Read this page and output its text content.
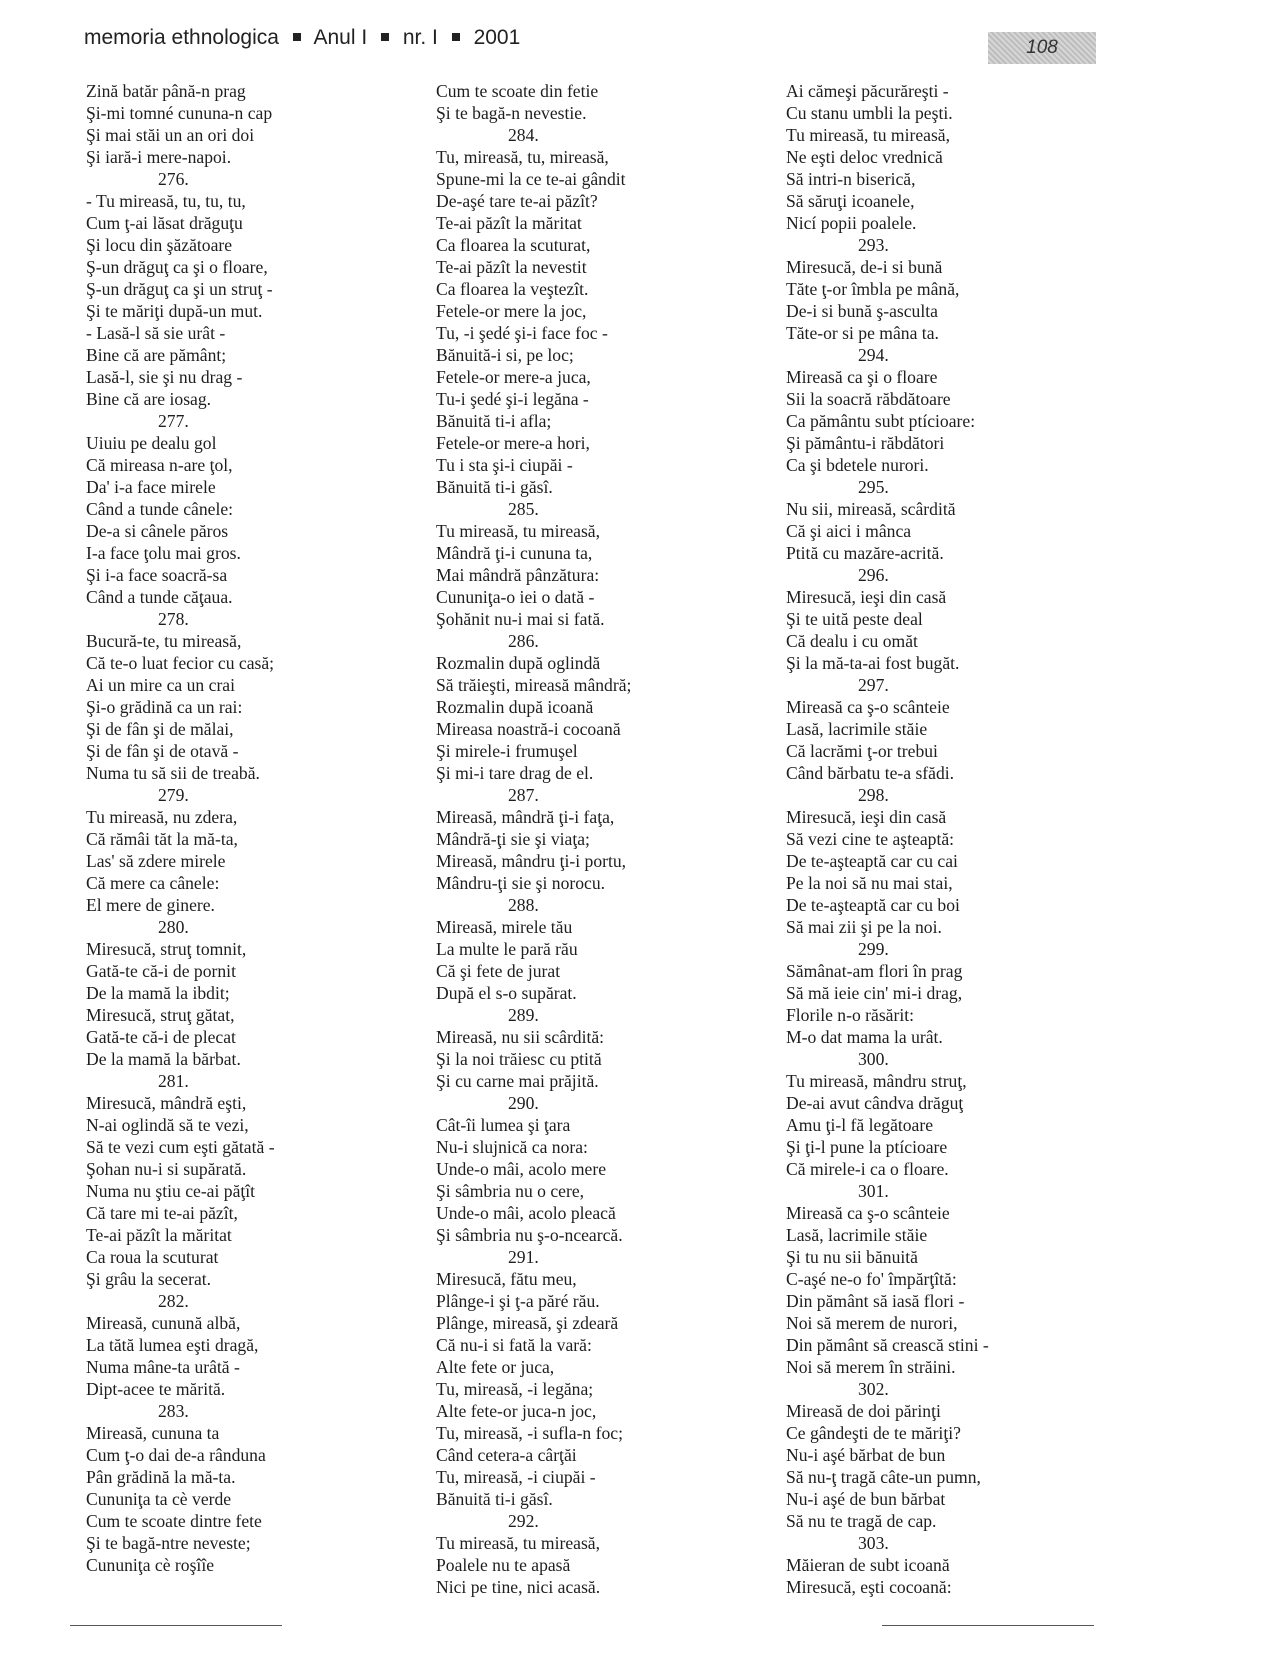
memoria ethnologica Anul I nr. I 2001	108
Zină batăr până-n prag
Şi-mi tomné cununa-n cap
Şi mai stăi un an ori doi
Şi iară-i mere-napoi.
276.
- Tu mireasă, tu, tu, tu,
Cum ţ-ai lăsat drăguţu
Şi locu din şăzătoare
Ş-un drăguţ ca şi o floare,
Ş-un drăguţ ca şi un struţ -
Şi te măriţi după-un mut.
- Lasă-l să sie urât -
Bine că are pământ;
Lasă-l, sie şi nu drag -
Bine că are iosag.
277.
Uiuiu pe dealu gol
Că mireasa n-are ţol,
Da' i-a face mirele
Când a tunde cânele:
De-a si cânele păros
I-a face ţolu mai gros.
Şi i-a face soacră-sa
Când a tunde căţaua.
278.
Bucură-te, tu mireasă,
Că te-o luat fecior cu casă;
Ai un mire ca un crai
Şi-o grădină ca un rai:
Şi de fân şi de mălai,
Şi de fân şi de otavă -
Numa tu să sii de treabă.
279.
Tu mireasă, nu zdera,
Că rămâi tăt la mă-ta,
Las' să zdere mirele
Că mere ca cânele:
El mere de ginere.
280.
Miresucă, struţ tomnit,
Gată-te că-i de pornit
De la mamă la ibdit;
Miresucă, struţ gătat,
Gată-te că-i de plecat
De la mamă la bărbat.
281.
Miresucă, mândră eşti,
N-ai oglindă să te vezi,
Să te vezi cum eşti gătată -
Şohan nu-i si supărată.
Numa nu ştiu ce-ai păţît
Că tare mi te-ai păzît,
Te-ai păzît la măritat
Ca roua la scuturat
Şi grâu la secerat.
282.
Mireasă, cunună albă,
La tătă lumea eşti dragă,
Numa mâne-ta urâtă -
Dipt-acee te mărită.
283.
Mireasă, cununa ta
Cum ţ-o dai de-a rânduna
Pân grădină la mă-ta.
Cununiţa ta cè verde
Cum te scoate dintre fete
Şi te bagă-ntre neveste;
Cununiţa cè roşîîe
Cum te scoate din fetie
Şi te bagă-n nevestie.
284.
Tu, mireasă, tu, mireasă,
Spune-mi la ce te-ai gândit
De-aşé tare te-ai păzît?
Te-ai păzît la măritat
Ca floarea la scuturat,
Te-ai păzît la nevestit
Ca floarea la veştezît.
Fetele-or mere la joc,
Tu, -i şedé şi-i face foc -
Bănuită-i si, pe loc;
Fetele-or mere-a juca,
Tu-i şedé şi-i legăna -
Bănuită ti-i afla;
Fetele-or mere-a hori,
Tu i sta şi-i ciupăi -
Bănuită ti-i găsî.
285.
Tu mireasă, tu mireasă,
Mândră ţi-i cununa ta,
Mai mândră pânzătura:
Cununiţa-o iei o dată -
Şohănit nu-i mai si fată.
286.
Rozmalin după oglindă
Să trăieşti, mireasă mândră;
Rozmalin după icoană
Mireasa noastră-i cocoană
Şi mirele-i frumuşel
Şi mi-i tare drag de el.
287.
Mireasă, mândră ţi-i faţa,
Mândră-ţi sie şi viaţa;
Mireasă, mândru ţi-i portu,
Mândru-ţi sie şi norocu.
288.
Mireasă, mirele tău
La multe le pară rău
Că şi fete de jurat
După el s-o supărat.
289.
Mireasă, nu sii scârdită:
Şi la noi trăiesc cu ptită
Şi cu carne mai prăjită.
290.
Cât-îi lumea şi ţara
Nu-i slujnică ca nora:
Unde-o mâi, acolo mere
Şi sâmbria nu o cere,
Unde-o mâi, acolo pleacă
Şi sâmbria nu ş-o-ncearcă.
291.
Miresucă, fătu meu,
Plânge-i şi ţ-a păré rău.
Plânge, mireasă, şi zdeară
Că nu-i si fată la vară:
Alte fete or juca,
Tu, mireasă, -i legăna;
Alte fete-or juca-n joc,
Tu, mireasă, -i sufla-n foc;
Când cetera-a cârţăi
Tu, mireasă, -i ciupăi -
Bănuită ti-i găsî.
292.
Tu mireasă, tu mireasă,
Poalele nu te apasă
Nici pe tine, nici acasă.
Ai cămeşi păcurăreşti -
Cu stanu umbli la peşti.
Tu mireasă, tu mireasă,
Ne eşti deloc vrednică
Să intri-n biserică,
Să săruţi icoanele,
Nicí popii poalele.
293.
Miresucă, de-i si bună
Tăte ţ-or îmbla pe mână,
De-i si bună ş-asculta
Tăte-or si pe mâna ta.
294.
Mireasă ca şi o floare
Sii la soacră răbdătoare
Ca pământu subt ptícioare:
Şi pământu-i răbdători
Ca şi bdetele nurori.
295.
Nu sii, mireasă, scârdită
Că şi aici i mânca
Ptită cu mazăre-acrită.
296.
Miresucă, ieşi din casă
Şi te uită peste deal
Că dealu i cu omăt
Şi la mă-ta-ai fost bugăt.
297.
Mireasă ca ş-o scânteie
Lasă, lacrimile stăie
Că lacrămi ţ-or trebui
Când bărbatu te-a sfădi.
298.
Miresucă, ieşi din casă
Să vezi cine te aşteaptă:
De te-aşteaptă car cu cai
Pe la noi să nu mai stai,
De te-aşteaptă car cu boi
Să mai zii şi pe la noi.
299.
Sămânat-am flori în prag
Să mă ieie cin' mi-i drag,
Florile n-o răsărit:
M-o dat mama la urât.
300.
Tu mireasă, mândru struţ,
De-ai avut cândva drăguţ
Amu ţi-l fă legătoare
Şi ţi-l pune la ptícioare
Că mirele-i ca o floare.
301.
Mireasă ca ş-o scânteie
Lasă, lacrimile stăie
Şi tu nu sii bănuită
C-aşé ne-o fo' împărţîtă:
Din pământ să iasă flori -
Noi să merem de nurori,
Din pământ să crească stini -
Noi să merem în străini.
302.
Mireasă de doi părinţi
Ce gândeşti de te măriţi?
Nu-i aşé bărbat de bun
Să nu-ţ tragă câte-un pumn,
Nu-i aşé de bun bărbat
Să nu te tragă de cap.
303.
Măieran de subt icoană
Miresucă, eşti cocoană:
